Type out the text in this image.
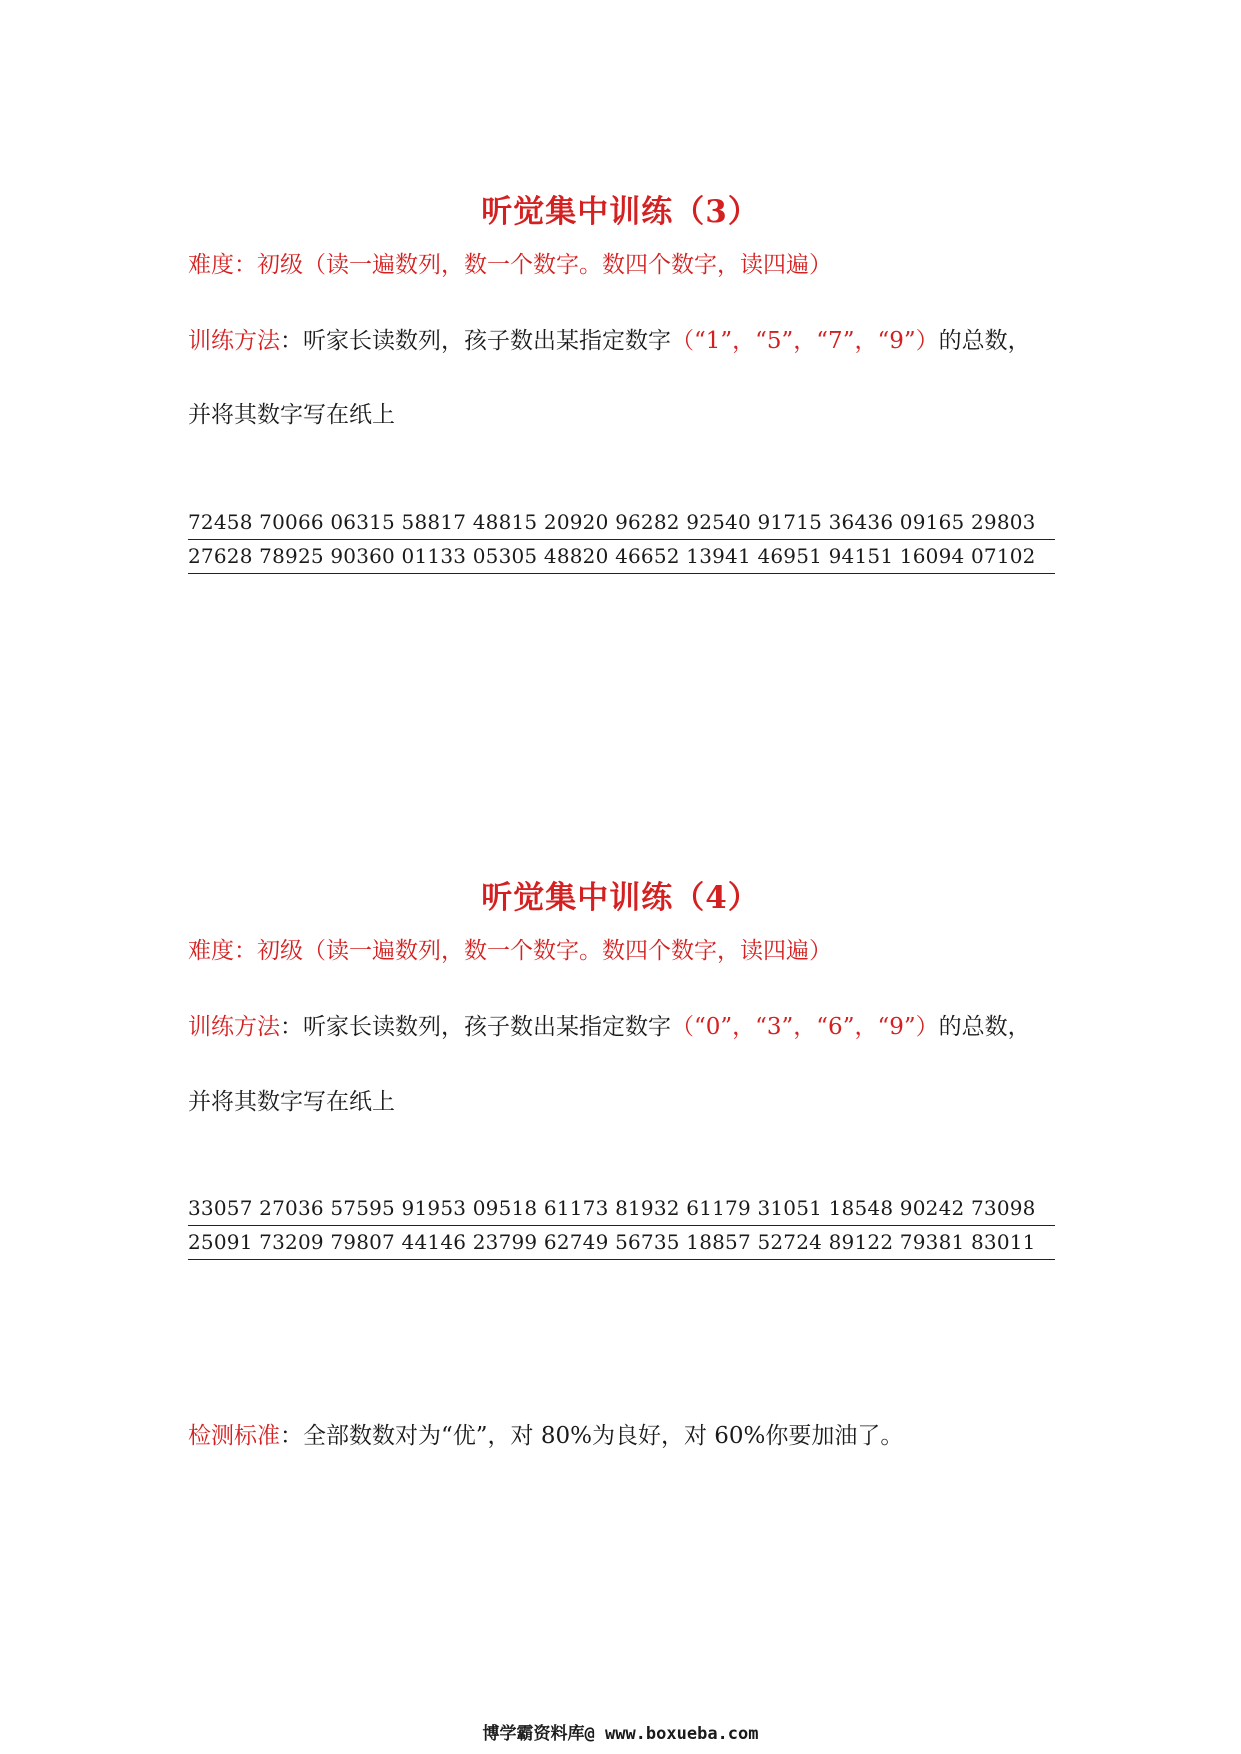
听觉集中训练（3）
难度：初级（读一遍数列，数一个数字。数四个数字，读四遍）
训练方法：听家长读数列，孩子数出某指定数字（“1”，“5”，“7”，“9”）的总数，
并将其数字写在纸上
72458 70066 06315 58817 48815 20920 96282 92540 91715 36436 09165 29803
27628 78925 90360 01133 05305 48820 46652 13941 46951 94151 16094 07102
听觉集中训练（4）
难度：初级（读一遍数列，数一个数字。数四个数字，读四遍）
训练方法：听家长读数列，孩子数出某指定数字（“0”，“3”，“6”，“9”）的总数，
并将其数字写在纸上
33057 27036 57595 91953 09518 61173 81932 61179 31051 18548 90242 73098
25091 73209 79807 44146 23799 62749 56735 18857 52724 89122 79381 83011
检测标准：全部数数对为“优”，对 80%为良好，对 60%你要加油了。
博学霸资料库@ www.boxueba.com
